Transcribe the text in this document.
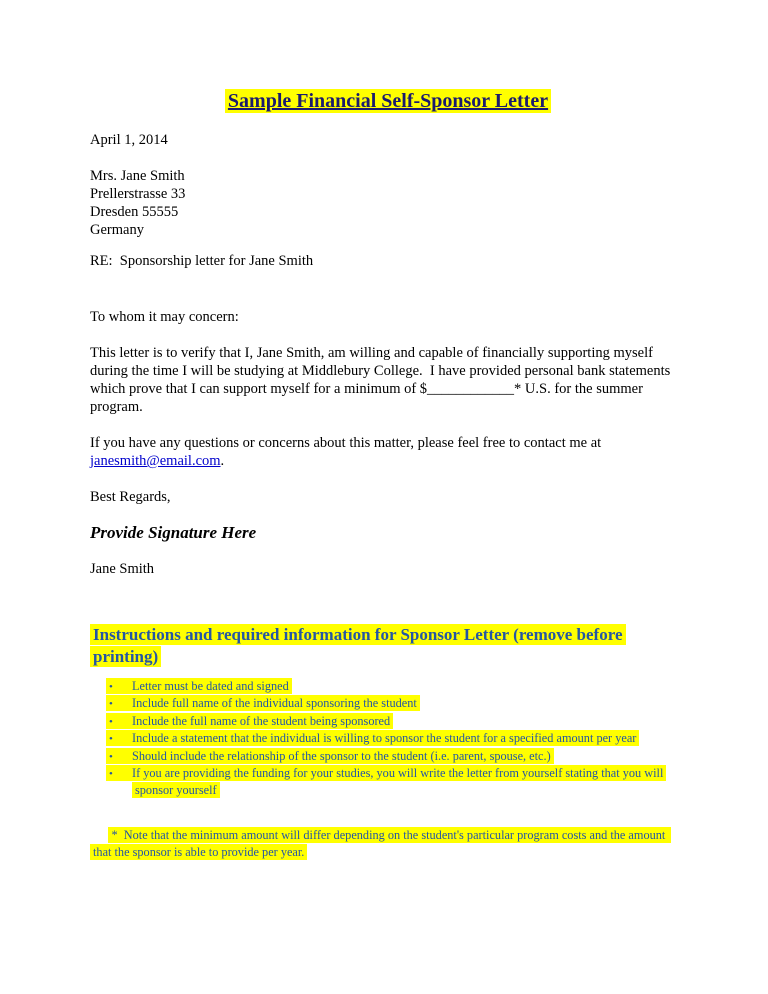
Sample Financial Self-Sponsor Letter
April 1, 2014
Mrs. Jane Smith
Prellerstrasse 33
Dresden 55555
Germany
RE:  Sponsorship letter for Jane Smith
To whom it may concern:
This letter is to verify that I, Jane Smith, am willing and capable of financially supporting myself during the time I will be studying at Middlebury College.  I have provided personal bank statements which prove that I can support myself for a minimum of $____________* U.S. for the summer program.
If you have any questions or concerns about this matter, please feel free to contact me at janesmith@email.com.
Best Regards,
Provide Signature Here
Jane Smith
Instructions and required information for Sponsor Letter (remove before printing)
• Letter must be dated and signed
• Include full name of the individual sponsoring the student
• Include the full name of the student being sponsored
• Include a statement that the individual is willing to sponsor the student for a specified amount per year
• Should include the relationship of the sponsor to the student (i.e. parent, spouse, etc.)
• If you are providing the funding for your studies, you will write the letter from yourself stating that you will sponsor yourself

*  Note that the minimum amount will differ depending on the student's particular program costs and the amount that the sponsor is able to provide per year.
